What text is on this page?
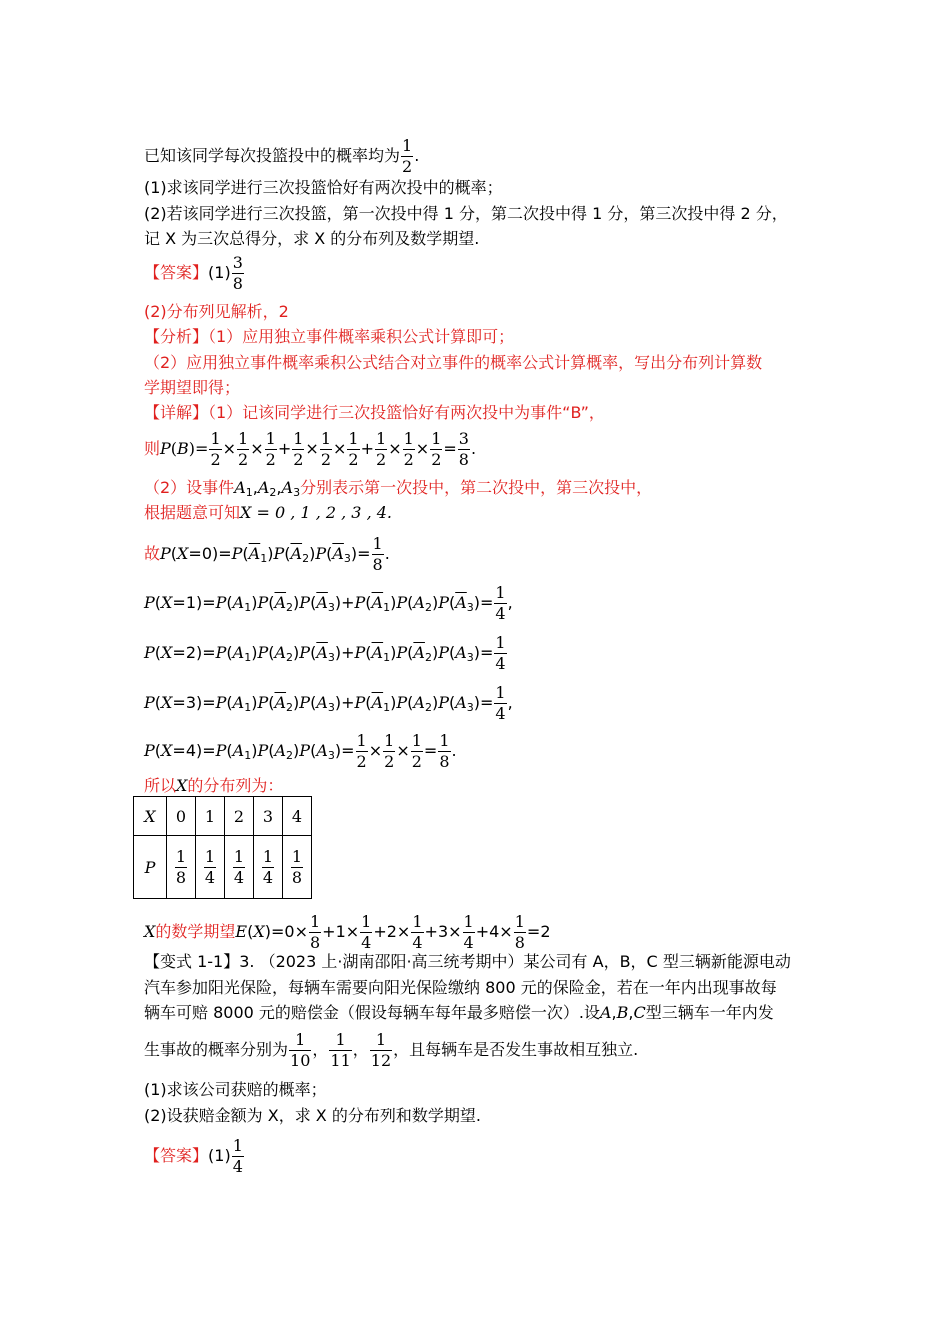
已知该同学每次投篮投中的概率均为 $\frac{1}{2}$ .
(1)求该同学进行三次投篮恰好有两次投中的概率；
(2)若该同学进行三次投篮，第一次投中得 1 分，第二次投中得 1 分，第三次投中得 2 分，
记 X 为三次总得分，求 X 的分布列及数学期望.
【答案】$(1) \frac{3}{8}$
(2)分布列见解析，2
【分析】（1）应用独立事件概率乘积公式计算即可；
（2）应用独立事件概率乘积公式结合对立事件的概率公式计算概率，写出分布列计算数
学期望即得；
【详解】（1）记该同学进行三次投篮恰好有两次投中为事件“B”，
则$P(B)= \frac{1}{2} \times \frac{1}{2} \times \frac{1}{2} + \frac{1}{2} \times \frac{1}{2} \times \frac{1}{2} + \frac{1}{2} \times \frac{1}{2} \times \frac{1}{2} = \frac{3}{8}$ .
（2）设事件$A_1,A_2,A_3$分别表示第一次投中，第二次投中，第三次投中，
根据题意可知X = 0 , 1 , 2 , 3 , 4.
故$P(X=0)=P(\overline{A}_1)P(\overline{A}_2)P(\overline{A}_3)= \frac{1}{8}$ .
$P(X=1)=P(A_1)P(\overline{A}_2)P(\overline{A}_3)+P(\overline{A}_1)P(A_2)P(\overline{A}_3)= \frac{1}{4}$ ,
$P(X=2)=P(A_1)P(A_2)P(\overline{A}_3)+P(\overline{A}_1)P(\overline{A}_2)P(A_3)= \frac{1}{4}$
$P(X=3)=P(A_1)P(\overline{A}_2)P(A_3)+P(\overline{A}_1)P(A_2)P(A_3)= \frac{1}{4}$ ,
$P(X=4)=P(A_1)P(A_2)P(A_3)= \frac{1}{2} \times \frac{1}{2} \times \frac{1}{2} = \frac{1}{8}$ .
所以X的分布列为：
X	0	1	2	3	4
P	$\frac{1}{8}$	$\frac{1}{4}$	$\frac{1}{4}$	$\frac{1}{4}$	$\frac{1}{8}$
X的数学期望$E(X)=0\times \frac{1}{8} +1\times \frac{1}{4} +2\times \frac{1}{4} +3\times \frac{1}{4} +4\times \frac{1}{8} =2$
【变式 1-1】3. （2023 上·湖南邵阳·高三统考期中）某公司有 A，B，C 型三辆新能源电动
汽车参加阳光保险，每辆车需要向阳光保险缴纳 800 元的保险金，若在一年内出现事故每
辆车可赔 8000 元的赔偿金（假设每辆车每年最多赔偿一次）.设A,B,C型三辆车一年内发
生事故的概率分别为 $\frac{1}{10}$ ， $\frac{1}{11}$ ， $\frac{1}{12}$ ，且每辆车是否发生事故相互独立.
(1)求该公司获赔的概率；
(2)设获赔金额为 X，求 X 的分布列和数学期望.
【答案】$(1) \frac{1}{4}$
